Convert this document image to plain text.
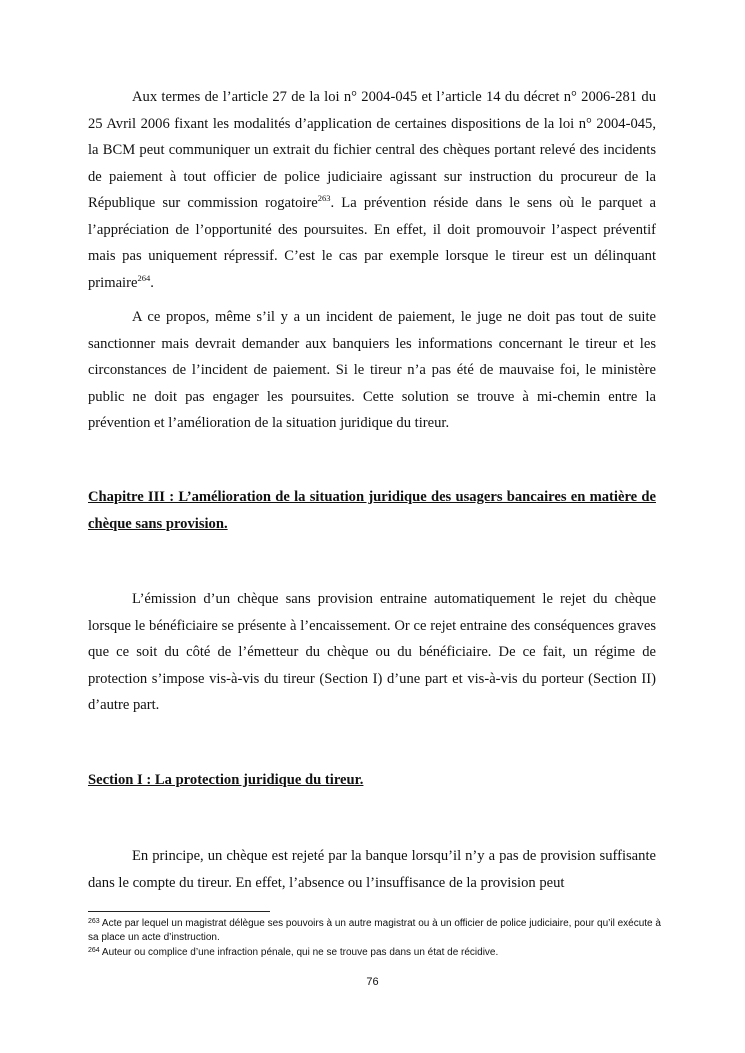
Aux termes de l’article 27 de la loi n° 2004-045 et l’article 14 du décret n° 2006-281 du 25 Avril 2006 fixant les modalités d’application de certaines dispositions de la loi n° 2004-045, la BCM peut communiquer un extrait du fichier central des chèques portant relevé des incidents de paiement à tout officier de police judiciaire agissant sur instruction du procureur de la République sur commission rogatoire$^{263}$. La prévention réside dans le sens où le parquet a l’appréciation de l’opportunité des poursuites. En effet, il doit promouvoir l’aspect préventif mais pas uniquement répressif. C’est le cas par exemple lorsque le tireur est un délinquant primaire$^{264}$.

A ce propos, même s’il y a un incident de paiement, le juge ne doit pas tout de suite sanctionner mais devrait demander aux banquiers les informations concernant le tireur et les circonstances de l’incident de paiement. Si le tireur n’a pas été de mauvaise foi, le ministère public ne doit pas engager les poursuites. Cette solution se trouve à mi-chemin entre la prévention et l’amélioration de la situation juridique du tireur.

Chapitre III : L’amélioration de la situation juridique des usagers bancaires en matière de chèque sans provision.

L’émission d’un chèque sans provision entraine automatiquement le rejet du chèque lorsque le bénéficiaire se présente à l’encaissement. Or ce rejet entraine des conséquences graves que ce soit du côté de l’émetteur du chèque ou du bénéficiaire. De ce fait, un régime de protection s’impose vis-à-vis du tireur (Section I) d’une part et vis-à-vis du porteur (Section II) d’autre part.

Section I : La protection juridique du tireur.

En principe, un chèque est rejeté par la banque lorsqu’il n’y a pas de provision suffisante dans le compte du tireur. En effet, l’absence ou l’insuffisance de la provision peut

$^{263}$ Acte par lequel un magistrat délègue ses pouvoirs à un autre magistrat ou à un officier de police judiciaire, pour qu’il exécute à sa place un acte d’instruction.

$^{264}$ Auteur ou complice d’une infraction pénale, qui ne se trouve pas dans un état de récidive.

76
